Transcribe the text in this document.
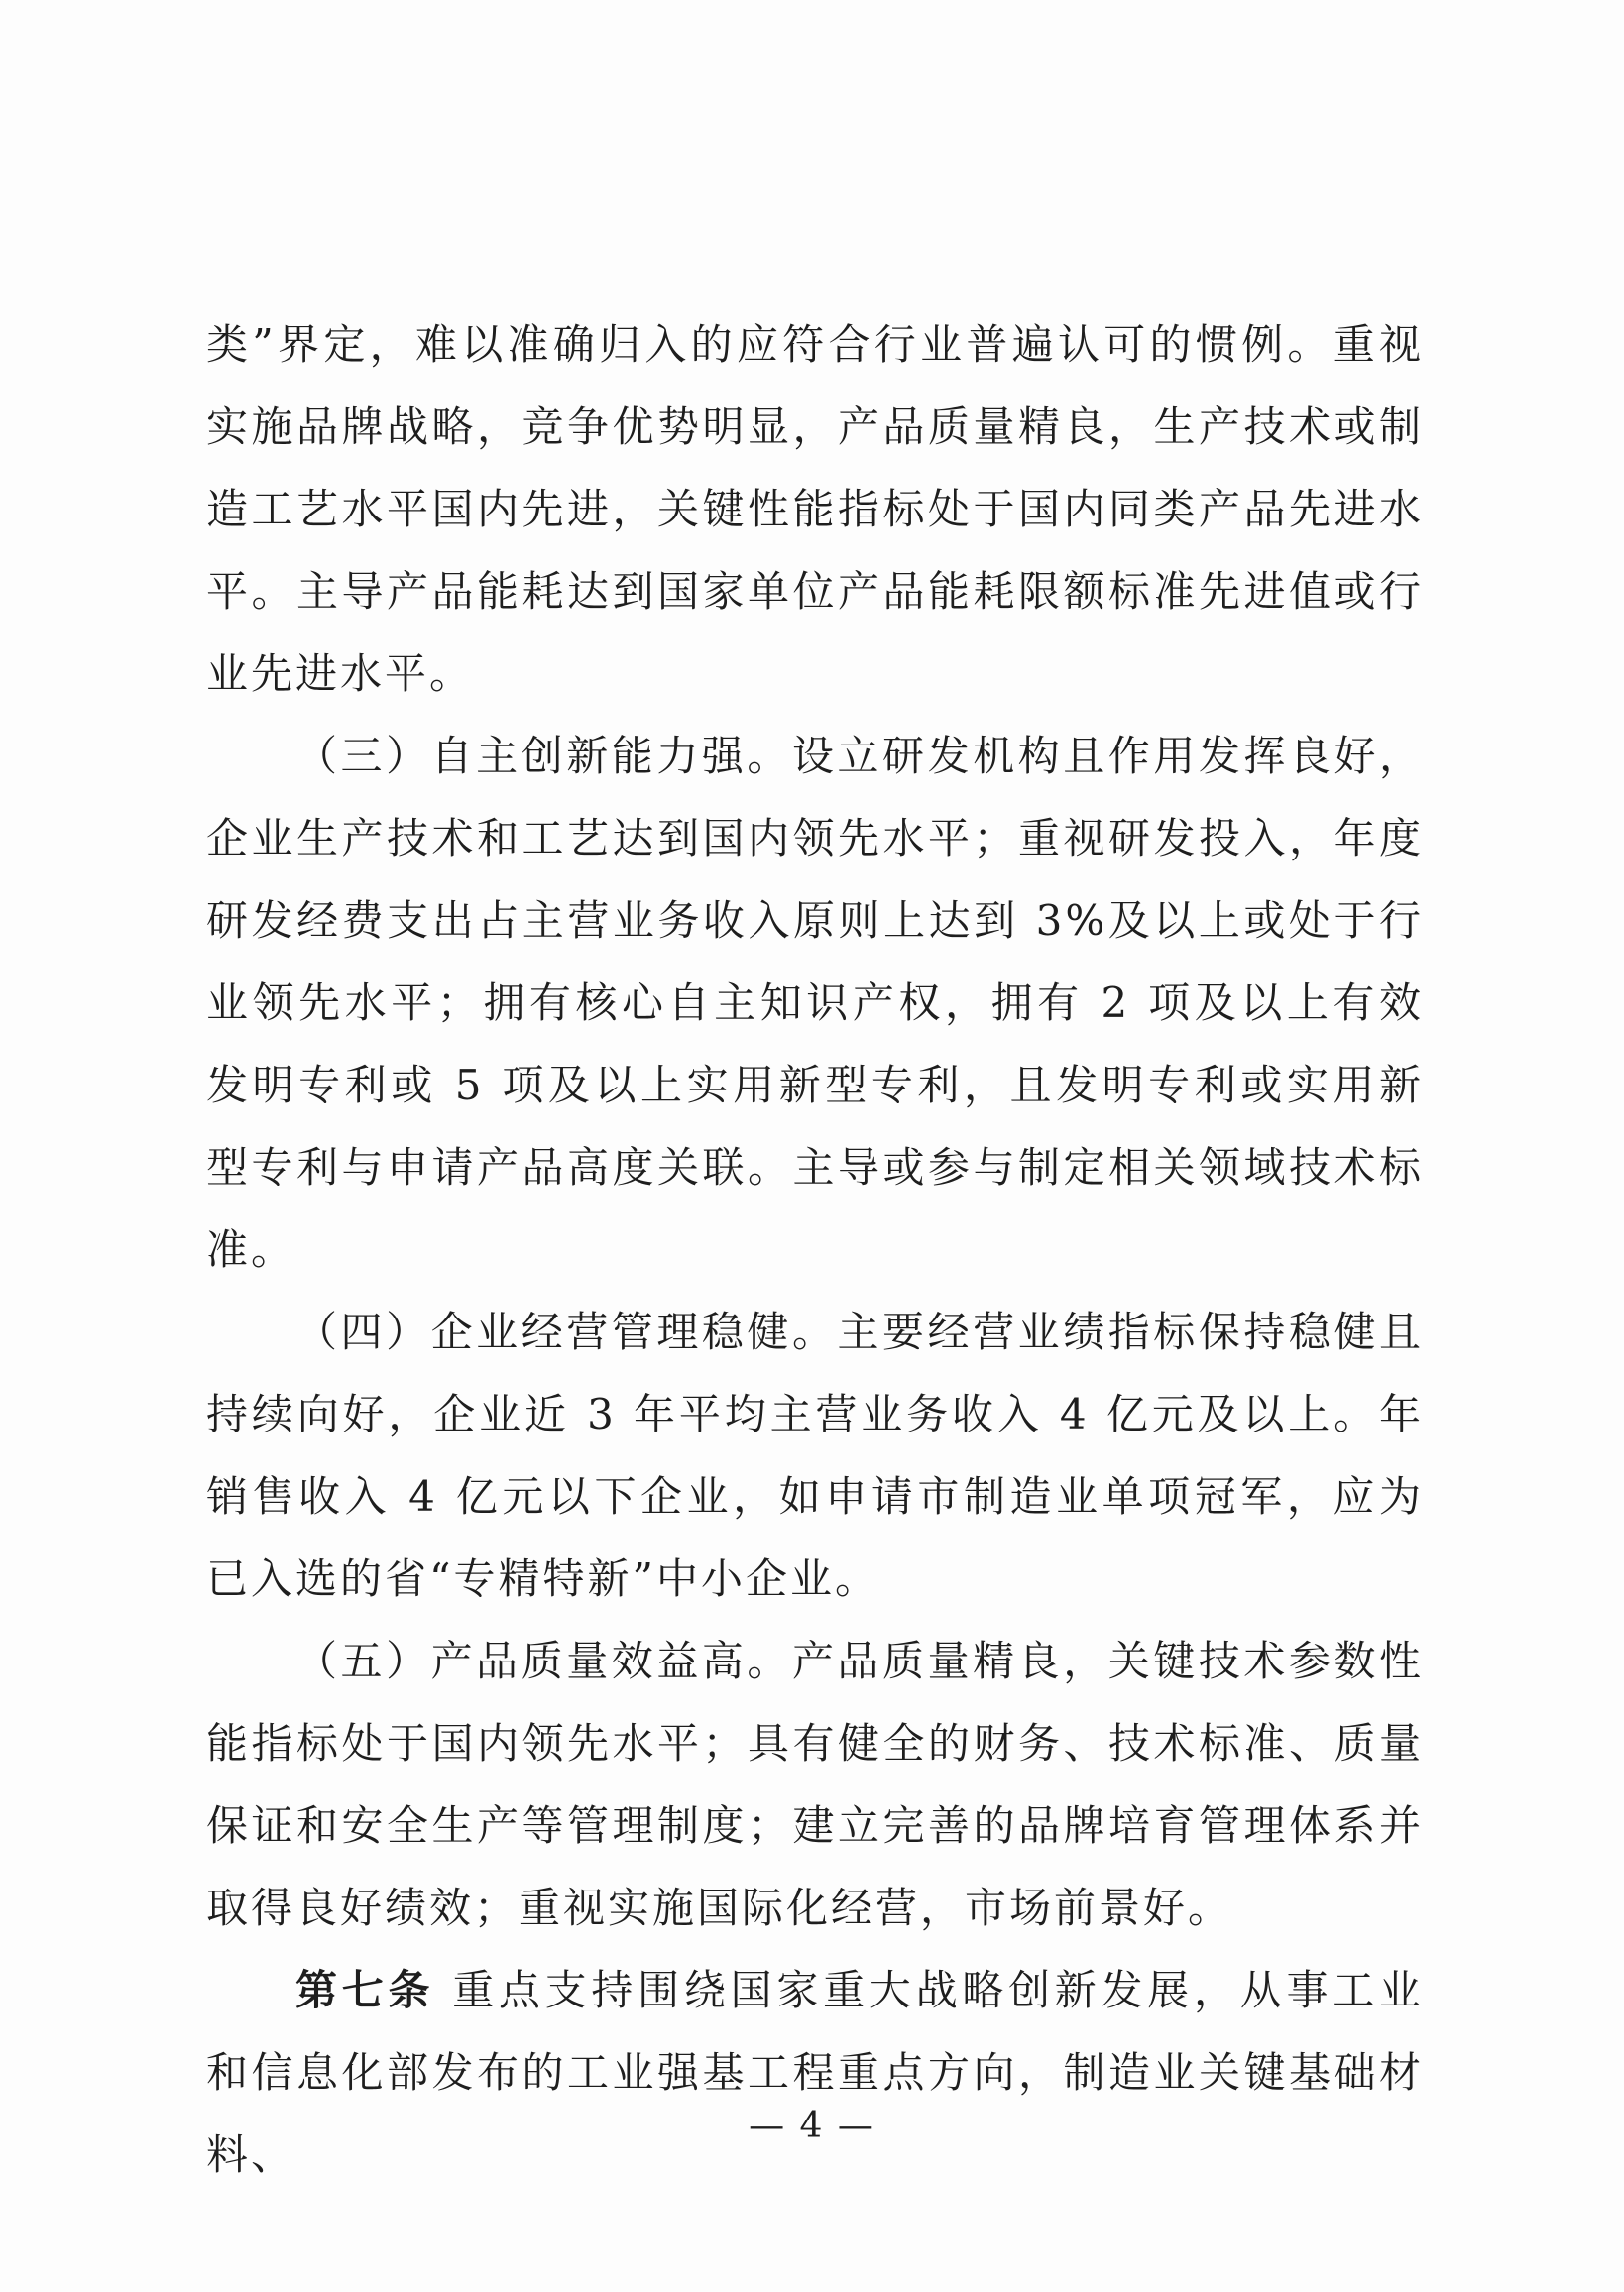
类”界定，难以准确归入的应符合行业普遍认可的惯例。重视实施品牌战略，竞争优势明显，产品质量精良，生产技术或制造工艺水平国内先进，关键性能指标处于国内同类产品先进水平。主导产品能耗达到国家单位产品能耗限额标准先进值或行业先进水平。

（三）自主创新能力强。设立研发机构且作用发挥良好，企业生产技术和工艺达到国内领先水平；重视研发投入，年度研发经费支出占主营业务收入原则上达到 3%及以上或处于行业领先水平；拥有核心自主知识产权，拥有 2 项及以上有效发明专利或 5 项及以上实用新型专利，且发明专利或实用新型专利与申请产品高度关联。主导或参与制定相关领域技术标准。

（四）企业经营管理稳健。主要经营业绩指标保持稳健且持续向好，企业近 3 年平均主营业务收入 4 亿元及以上。年销售收入 4 亿元以下企业，如申请市制造业单项冠军，应为已入选的省“专精特新”中小企业。

（五）产品质量效益高。产品质量精良，关键技术参数性能指标处于国内领先水平；具有健全的财务、技术标准、质量保证和安全生产等管理制度；建立完善的品牌培育管理体系并取得良好绩效；重视实施国际化经营，市场前景好。

第七条 重点支持围绕国家重大战略创新发展，从事工业和信息化部发布的工业强基工程重点方向，制造业关键基础材料、

— 4 —
